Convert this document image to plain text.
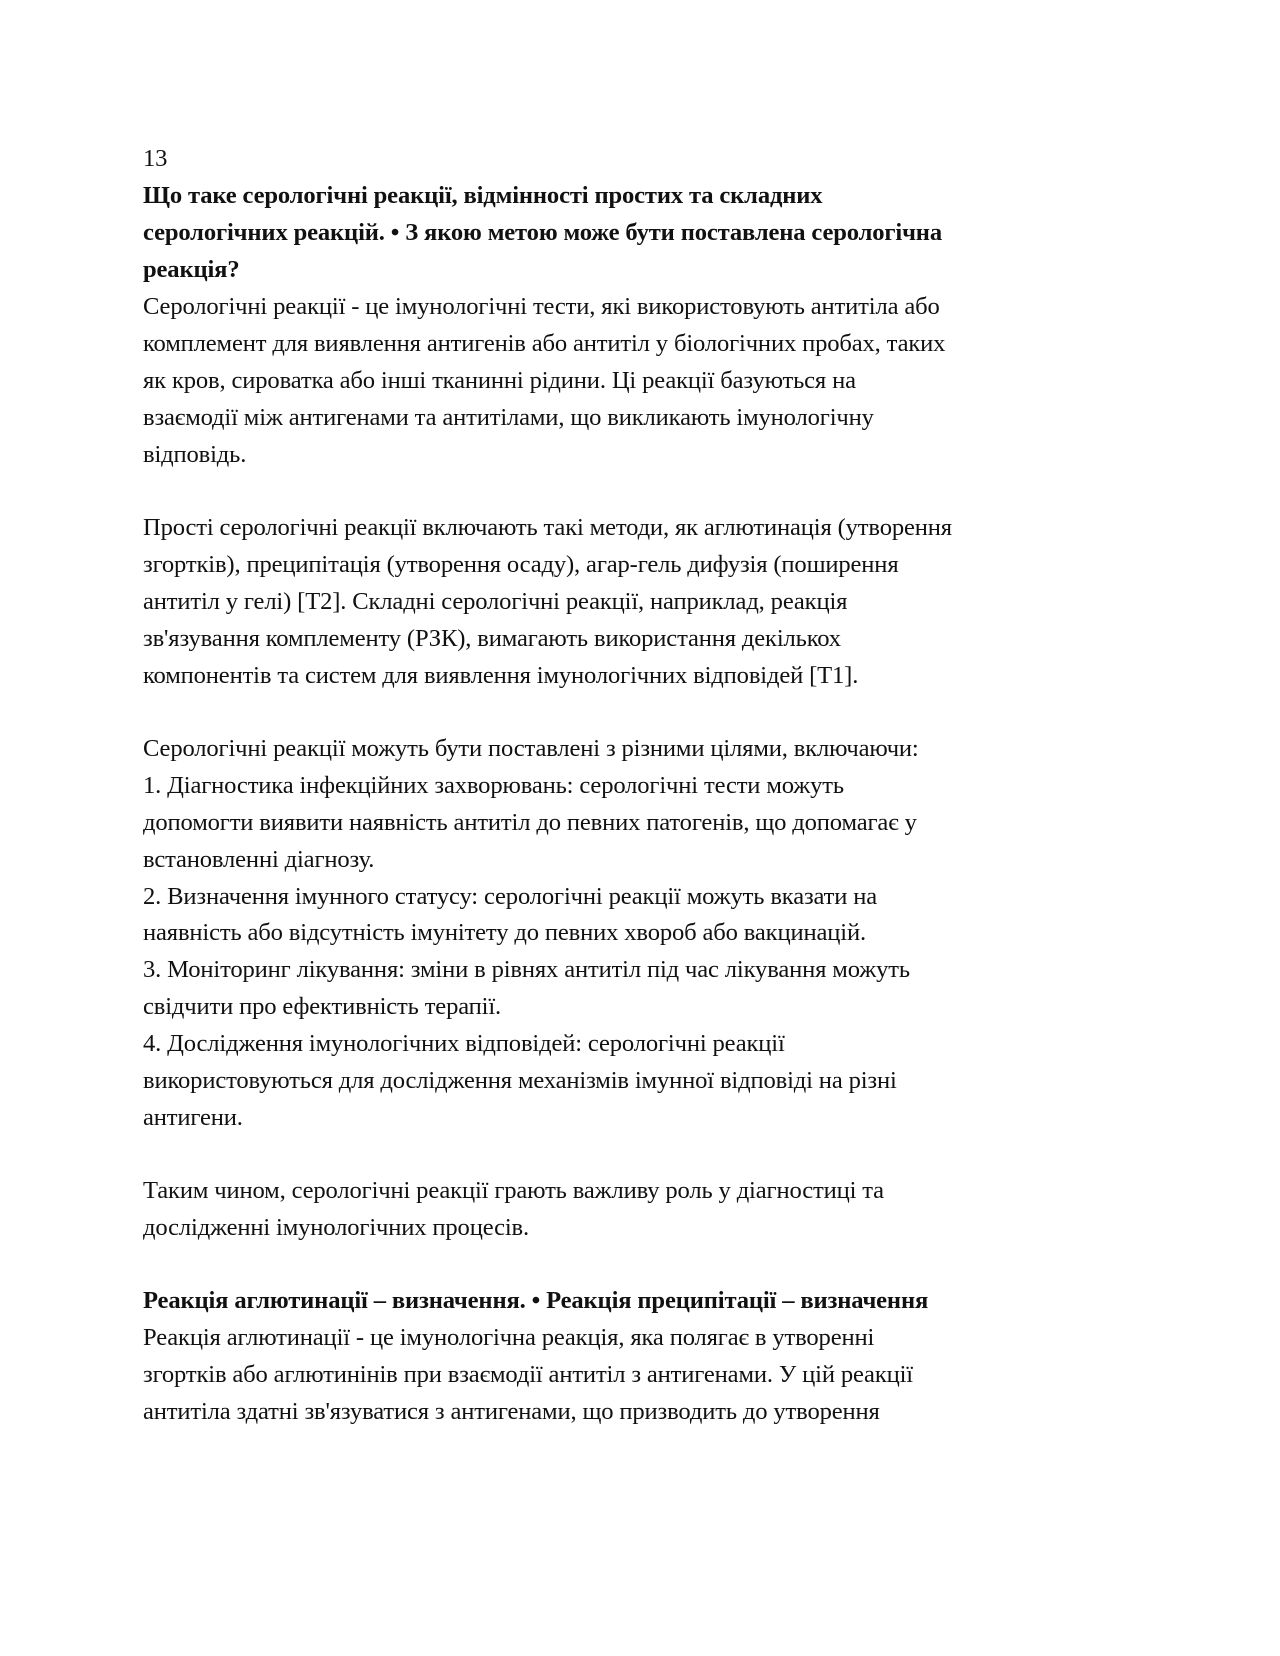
13
Що таке серологічні реакції, відмінності простих та складних
серологічних реакцій. • З якою метою може бути поставлена серологічна
реакція?
Серологічні реакції - це імунологічні тести, які використовують антитіла або
комплемент для виявлення антигенів або антитіл у біологічних пробах, таких
як кров, сироватка або інші тканинні рідини. Ці реакції базуються на
взаємодії між антигенами та антитілами, що викликають імунологічну
відповідь.
Прості серологічні реакції включають такі методи, як аглютинація (утворення
згортків), преципітація (утворення осаду), агар-гель дифузія (поширення
антитіл у гелі) [T2]. Складні серологічні реакції, наприклад, реакція
зв'язування комплементу (РЗК), вимагають використання декількох
компонентів та систем для виявлення імунологічних відповідей [T1].
Серологічні реакції можуть бути поставлені з різними цілями, включаючи:
1. Діагностика інфекційних захворювань: серологічні тести можуть
допомогти виявити наявність антитіл до певних патогенів, що допомагає у
встановленні діагнозу.
2. Визначення імунного статусу: серологічні реакції можуть вказати на
наявність або відсутність імунітету до певних хвороб або вакцинацій.
3. Моніторинг лікування: зміни в рівнях антитіл під час лікування можуть
свідчити про ефективність терапії.
4. Дослідження імунологічних відповідей: серологічні реакції
використовуються для дослідження механізмів імунної відповіді на різні
антигени.
Таким чином, серологічні реакції грають важливу роль у діагностиці та
дослідженні імунологічних процесів.
Реакція аглютинації – визначення. • Реакція преципітації – визначення
Реакція аглютинації - це імунологічна реакція, яка полягає в утворенні
згортків або аглютинінів при взаємодії антитіл з антигенами. У цій реакції
антитіла здатні зв'язуватися з антигенами, що призводить до утворення
